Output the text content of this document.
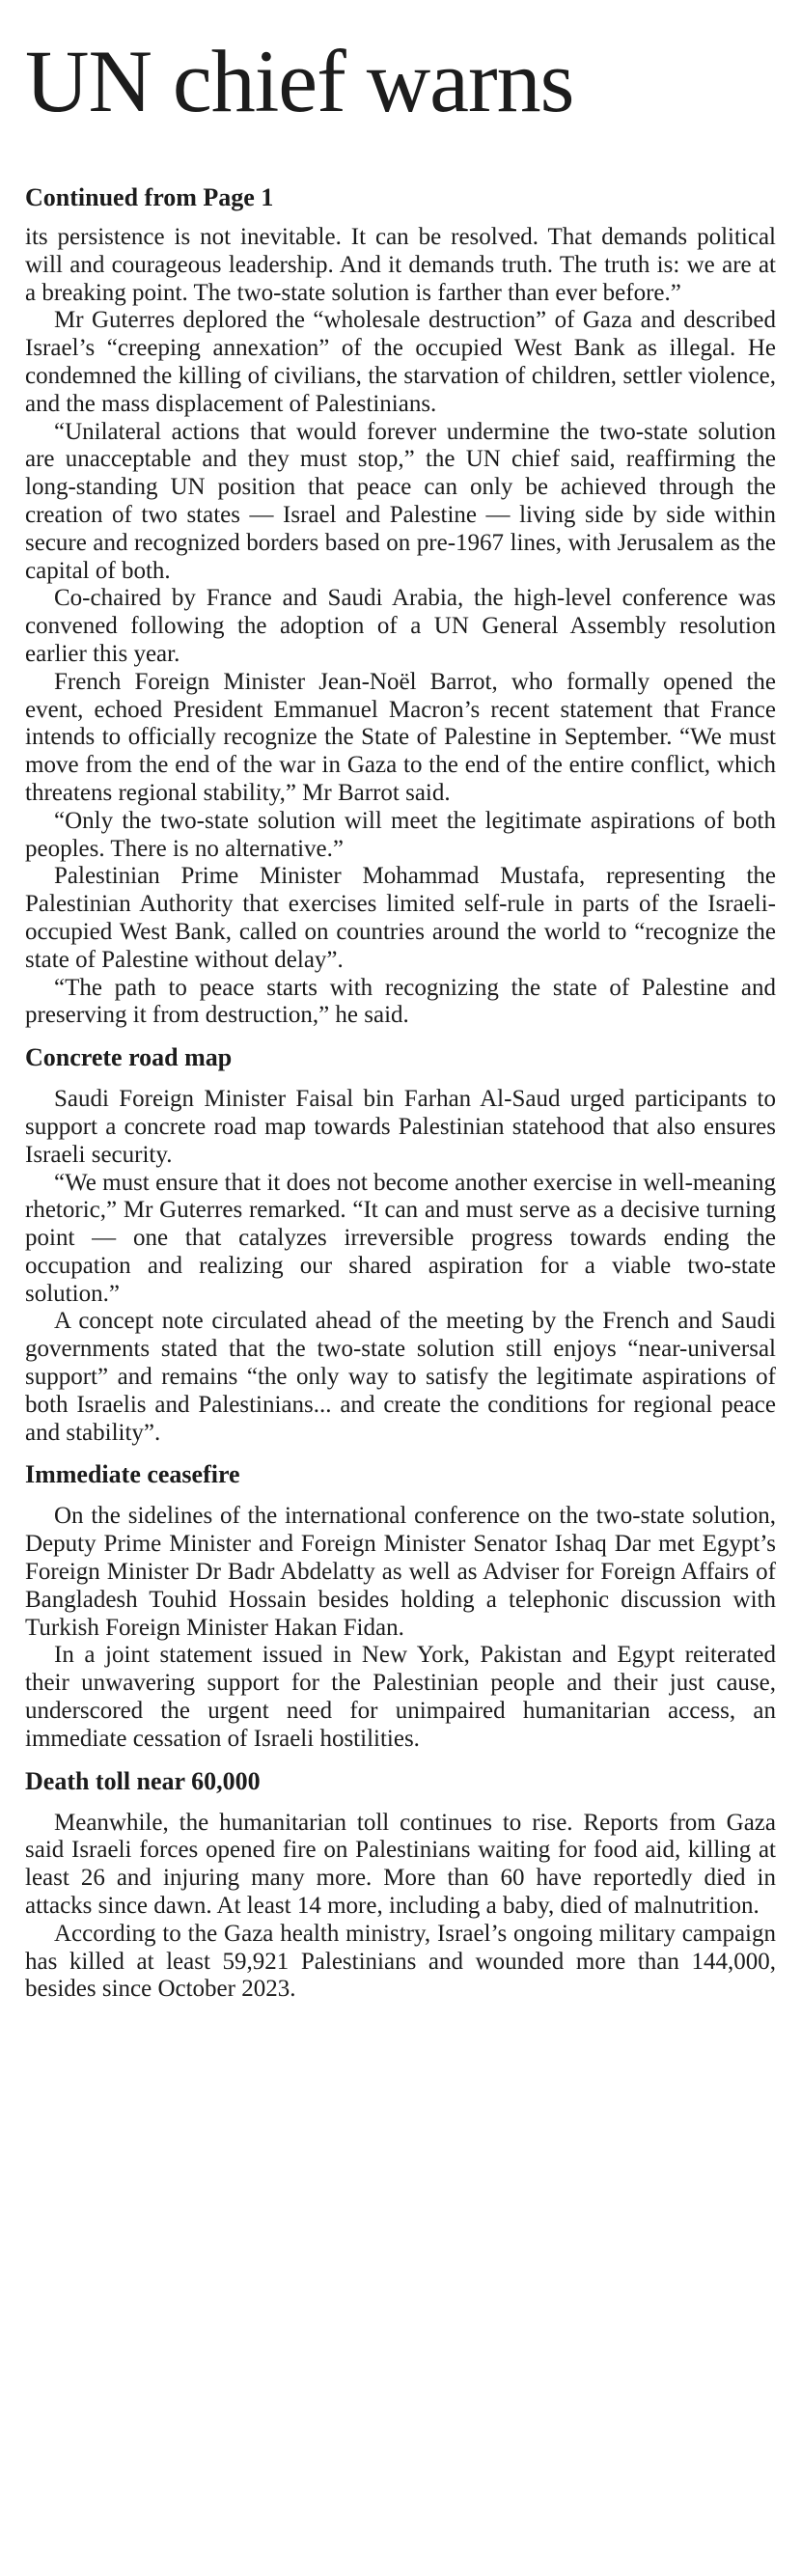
UN chief warns
Continued from Page 1

its persistence is not inevitable. It can be resolved. That demands political will and courageous leadership. And it demands truth. The truth is: we are at a breaking point. The two-state solution is farther than ever before.”

Mr Guterres deplored the “wholesale destruction” of Gaza and described Israel’s “creeping annexation” of the occupied West Bank as illegal. He condemned the killing of civilians, the starvation of children, settler violence, and the mass displacement of Palestinians.

“Unilateral actions that would forever undermine the two-state solution are unacceptable and they must stop,” the UN chief said, reaffirming the long-standing UN position that peace can only be achieved through the creation of two states — Israel and Palestine — living side by side within secure and recognized borders based on pre-1967 lines, with Jerusalem as the capital of both.

Co-chaired by France and Saudi Arabia, the high-level conference was convened following the adoption of a UN General Assembly resolution earlier this year.

French Foreign Minister Jean-Noël Barrot, who formally opened the event, echoed President Emmanuel Macron’s recent statement that France intends to officially recognize the State of Palestine in September. “We must move from the end of the war in Gaza to the end of the entire conflict, which threatens regional stability,” Mr Barrot said.

“Only the two-state solution will meet the legitimate aspirations of both peoples. There is no alternative.”

Palestinian Prime Minister Mohammad Mustafa, representing the Palestinian Authority that exercises limited self-rule in parts of the Israeli-occupied West Bank, called on countries around the world to “recognize the state of Palestine without delay”.

“The path to peace starts with recognizing the state of Palestine and preserving it from destruction,” he said.

Concrete road map

Saudi Foreign Minister Faisal bin Farhan Al-Saud urged participants to support a concrete road map towards Palestinian statehood that also ensures Israeli security.

“We must ensure that it does not become another exercise in well-meaning rhetoric,” Mr Guterres remarked. “It can and must serve as a decisive turning point — one that catalyzes irreversible progress towards ending the occupation and realizing our shared aspiration for a viable two-state solution.”

A concept note circulated ahead of the meeting by the French and Saudi governments stated that the two-state solution still enjoys “near-universal support” and remains “the only way to satisfy the legitimate aspirations of both Israelis and Palestinians... and create the conditions for regional peace and stability”.

Immediate ceasefire

On the sidelines of the international conference on the two-state solution, Deputy Prime Minister and Foreign Minister Senator Ishaq Dar met Egypt’s Foreign Minister Dr Badr Abdelatty as well as Adviser for Foreign Affairs of Bangladesh Touhid Hossain besides holding a telephonic discussion with Turkish Foreign Minister Hakan Fidan.

In a joint statement issued in New York, Pakistan and Egypt reiterated their unwavering support for the Palestinian people and their just cause, underscored the urgent need for unimpaired humanitarian access, an immediate cessation of Israeli hostilities.

Death toll near 60,000

Meanwhile, the humanitarian toll continues to rise. Reports from Gaza said Israeli forces opened fire on Palestinians waiting for food aid, killing at least 26 and injuring many more. More than 60 have reportedly died in attacks since dawn. At least 14 more, including a baby, died of malnutrition.

According to the Gaza health ministry, Israel’s ongoing military campaign has killed at least 59,921 Palestinians and wounded more than 144,000, besides since October 2023.
